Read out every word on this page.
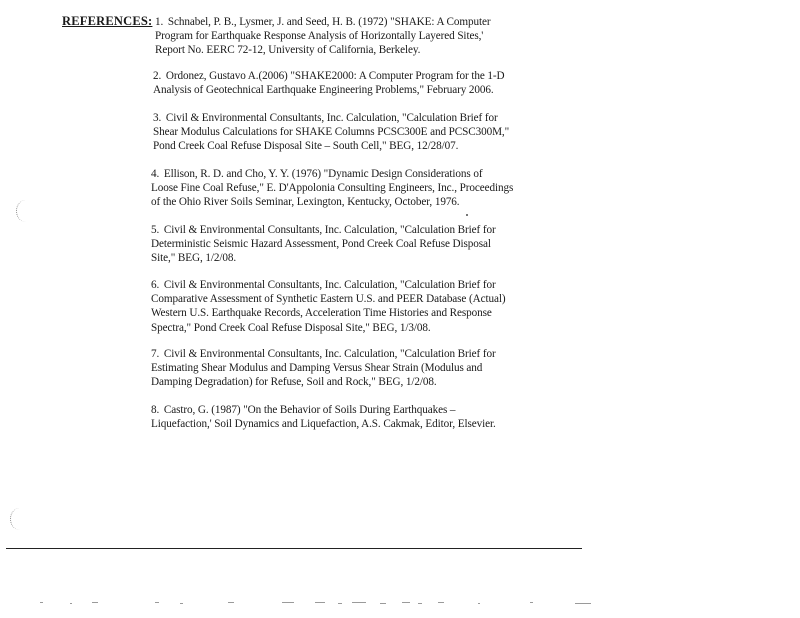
REFERENCES: 1. Schnabel, P. B., Lysmer, J. and Seed, H. B. (1972) "SHAKE: A Computer
Program for Earthquake Response Analysis of Horizontally Layered Sites,'
Report No. EERC 72-12, University of California, Berkeley.
2. Ordonez, Gustavo A.(2006) "SHAKE2000: A Computer Program for the 1-D
Analysis of Geotechnical Earthquake Engineering Problems," February 2006.
3. Civil & Environmental Consultants, Inc. Calculation, "Calculation Brief for
Shear Modulus Calculations for SHAKE Columns PCSC300E and PCSC300M,"
Pond Creek Coal Refuse Disposal Site – South Cell," BEG, 12/28/07.
4. Ellison, R. D. and Cho, Y. Y. (1976) "Dynamic Design Considerations of
Loose Fine Coal Refuse," E. D'Appolonia Consulting Engineers, Inc., Proceedings
of the Ohio River Soils Seminar, Lexington, Kentucky, October, 1976.
5. Civil & Environmental Consultants, Inc. Calculation, "Calculation Brief for
Deterministic Seismic Hazard Assessment, Pond Creek Coal Refuse Disposal
Site," BEG, 1/2/08.
6. Civil & Environmental Consultants, Inc. Calculation, "Calculation Brief for
Comparative Assessment of Synthetic Eastern U.S. and PEER Database (Actual)
Western U.S. Earthquake Records, Acceleration Time Histories and Response
Spectra," Pond Creek Coal Refuse Disposal Site," BEG, 1/3/08.
7. Civil & Environmental Consultants, Inc. Calculation, "Calculation Brief for
Estimating Shear Modulus and Damping Versus Shear Strain (Modulus and
Damping Degradation) for Refuse, Soil and Rock," BEG, 1/2/08.
8. Castro, G. (1987) "On the Behavior of Soils During Earthquakes –
Liquefaction,' Soil Dynamics and Liquefaction, A.S. Cakmak, Editor, Elsevier.
